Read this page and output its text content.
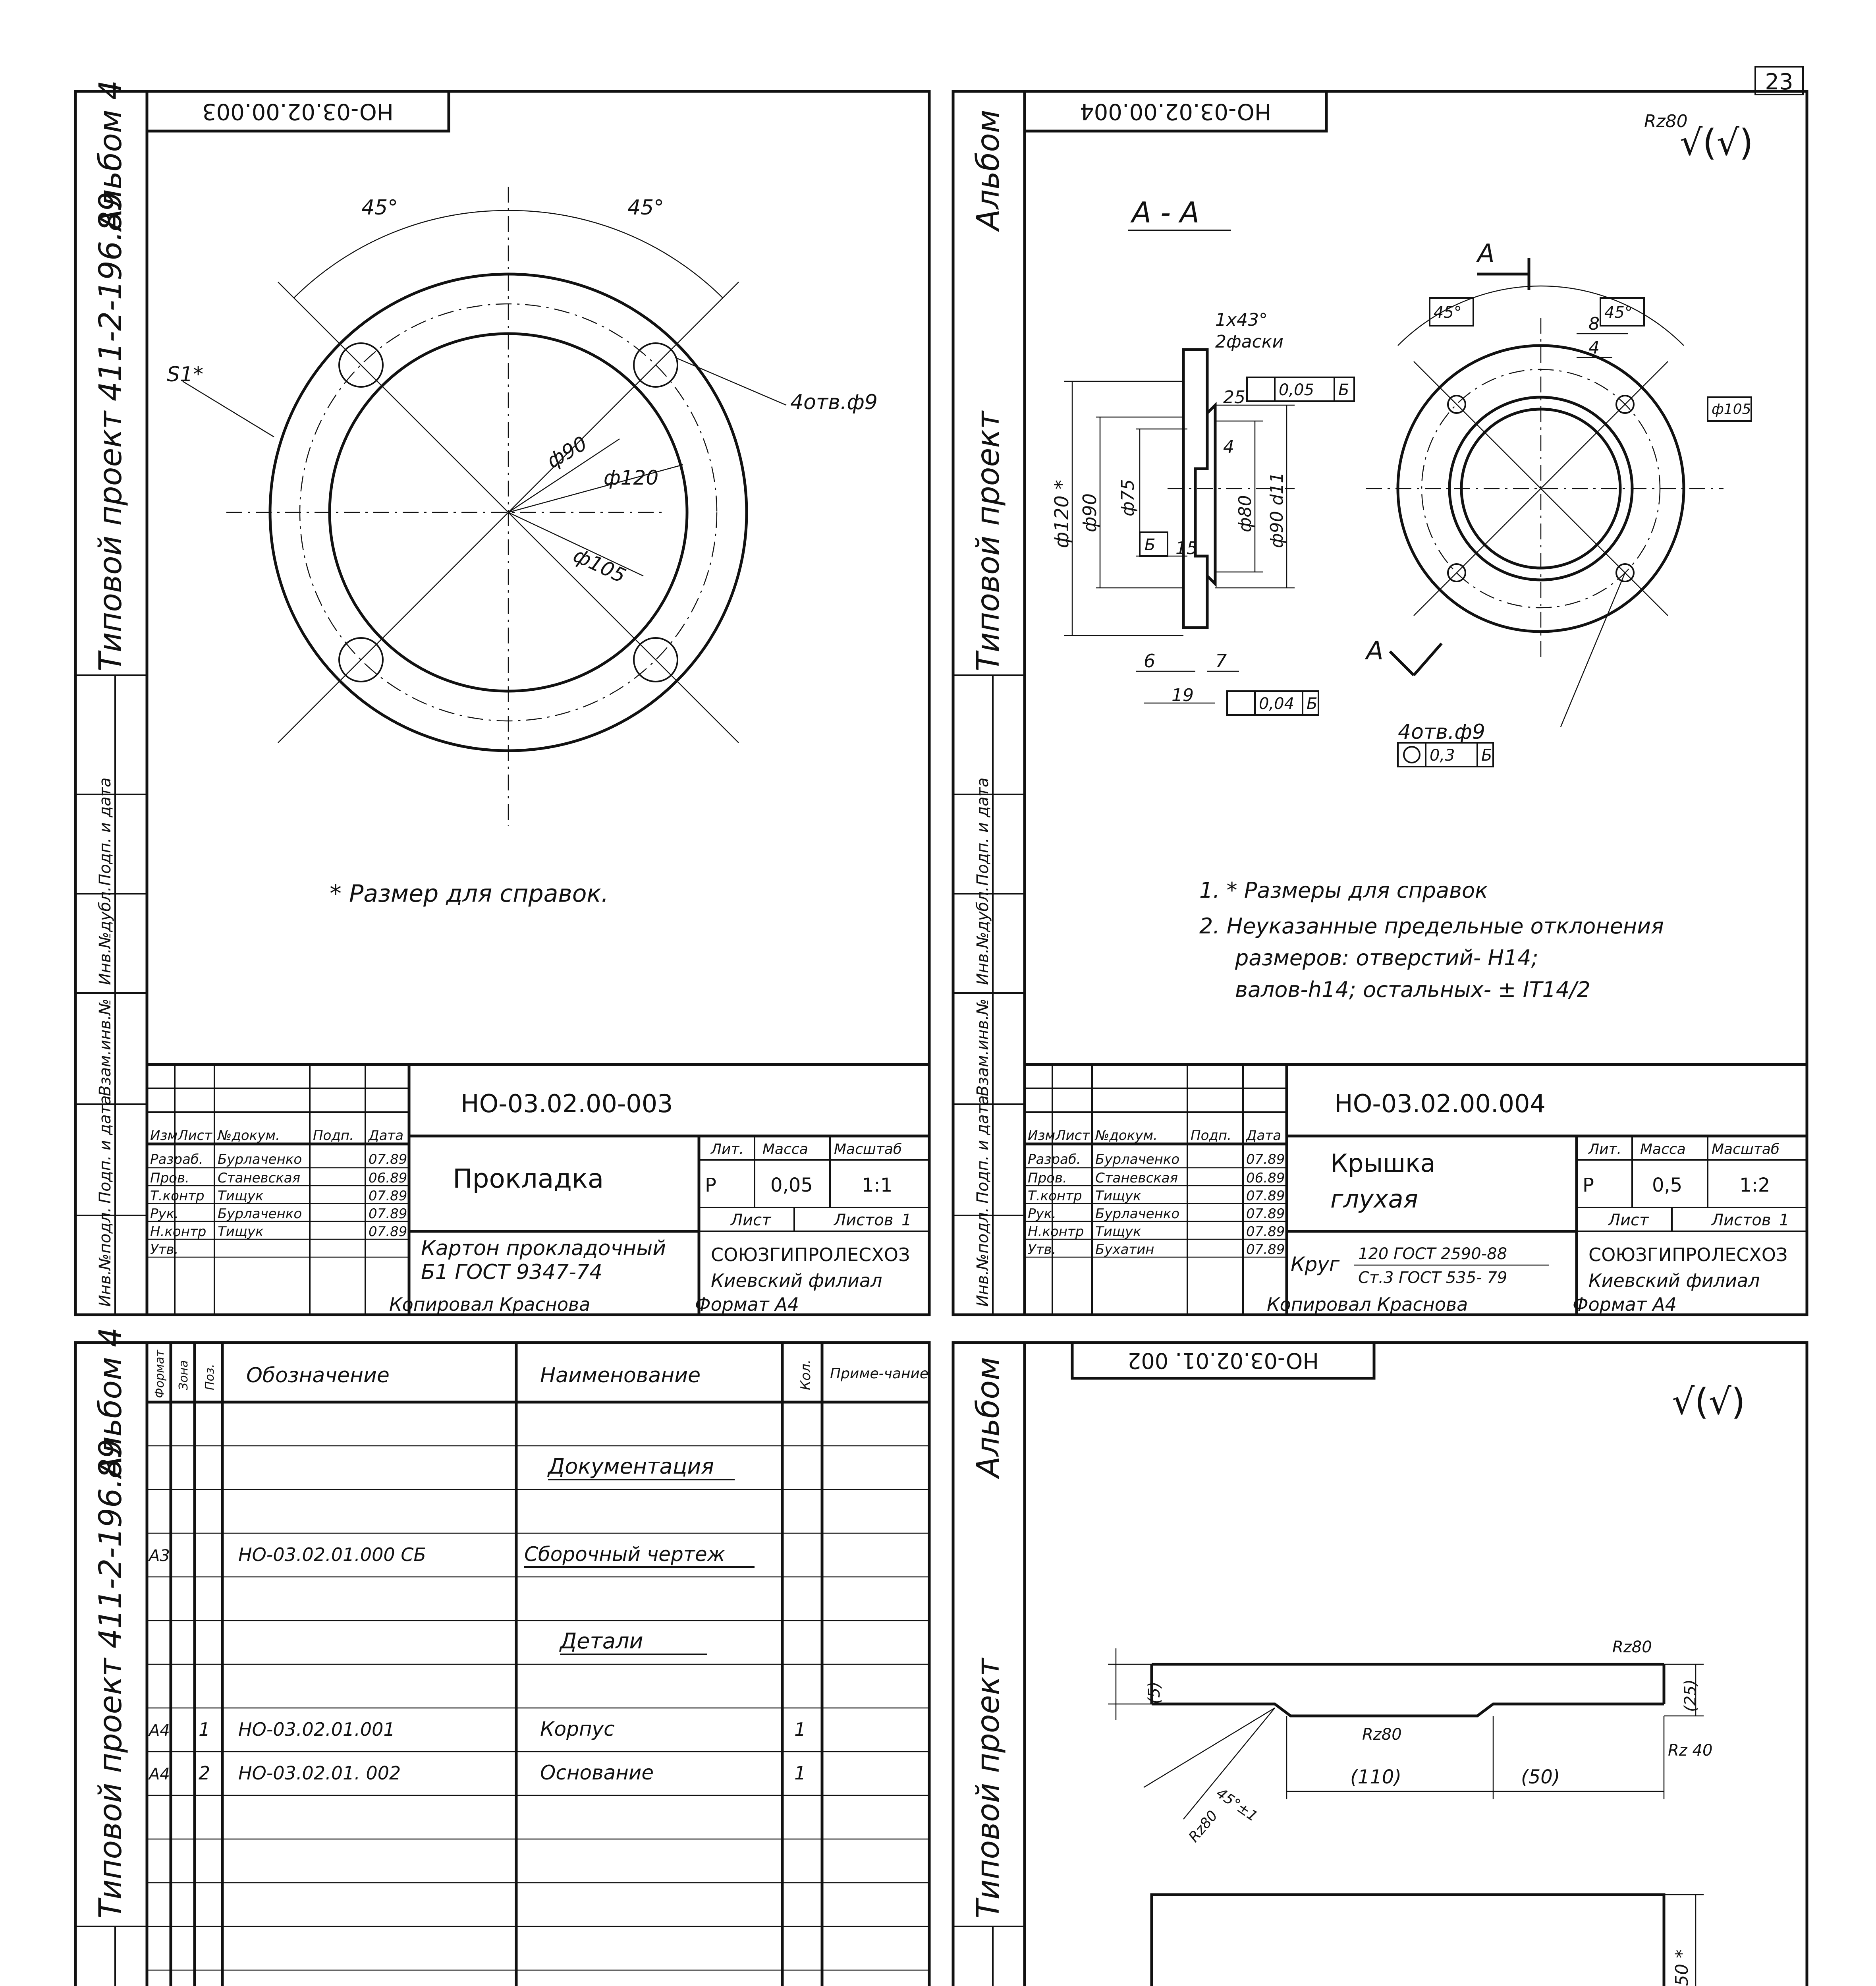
23
Инв.№подл.
Подп. и дата
Взам.инв.№
Инв.№дубл.
Подп. и дата
Инв.№подл.
Подп. и дата
Взам.инв.№
Инв.№дубл.
Подп. и дата
Типовой проект 411-2-196.89
Альбом 4
Типовой проект
Альбом
Типовой проект 411-2-196.89
Альбом 4
Типовой проект
Альбом
Копировал Краснова	Формат А4	Копировал Краснова	Формат А4
HO-03.02.00.003
45°	45°
S1*
4отв.ф9
ф90
ф120
ф105
* Размер для справок.
Изм Лист №докум. Подп. Дата
Разраб. Бурлаченко	07.89
Пров. Станевская	06.89
Т.контр Тищук	07.89
Рук.	Бурлаченко	07.89
Н.контр Тищук	07.89
Утв.
НО-03.02.00-003
Прокладка
Картон прокладочный
Б1 ГОСТ 9347-74
Лит. Масса Масштаб
Р	0,05	1:1
Лист	Листов 1
СОЮЗГИПРОЛЕСХОЗ
Киевский филиал
HO-03.02.00.004	Rz80
√(√)
А - А
1x43°
2фаски
0,05 Б
25
ф120 * ф90 ф75	ф80 ф90 d11
4
Б 15
6	7
19	0,04 Б
А
А
45°	45°
8
4
ф105
4отв.ф9
0,3 Б
1. * Размеры для справок
2. Неуказанные предельные отклонения
размеров: отверстий- Н14;
валов-h14; остальных- ± IT14/2
Изм Лист №докум. Подп. Дата
Разраб. Бурлаченко	07.89
Пров. Станевская	06.89
Т.контр Тищук	07.89
Рук.	Бурлаченко	07.89
Н.контр Тищук	07.89
Утв.	Бухатин	07.89
НО-03.02.00.004
Крышка
глухая
Круг 120 ГОСТ 2590-88
Ст.3 ГОСТ 535- 79
Лит. Масса Масштаб
Р	0,5	1:2
Лист	Листов 1
СОЮЗГИПРОЛЕСХОЗ
Киевский филиал
Формат Зона Поз. Обозначение	Наименование	Кол. Приме-чание
Документация
А3	НО-03.02.01.000 СБ	Сборочный чертеж
Детали
А4 1 НО-03.02.01.001	Корпус	1
А4 2 НО-03.02.01. 002	Основание	1
HO-03.02.01. 002
√(√)
(5)	(25)
Rz80
Rz80
Rz 40
(110)	(50)
45°±1
Rz80
50 *
